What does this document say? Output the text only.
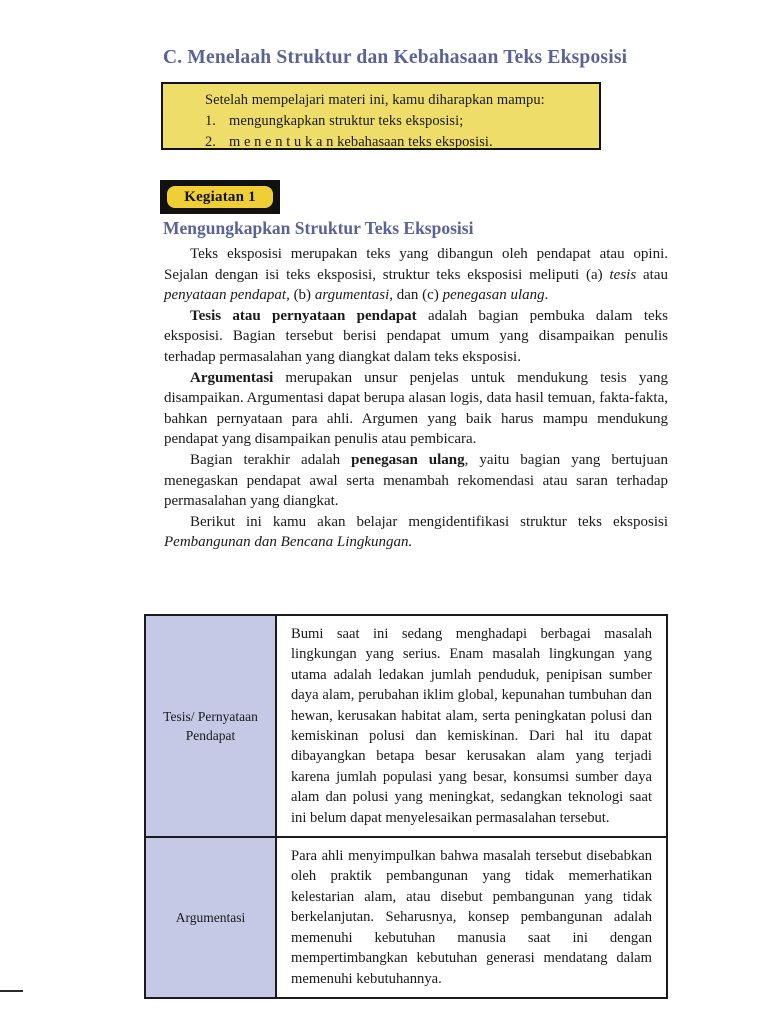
C. Menelaah Struktur dan Kebahasaan Teks Eksposisi
Setelah mempelajari materi ini, kamu diharapkan mampu:
1. mengungkapkan struktur teks eksposisi;
2. m e n e n t u k a n kebahasaan teks eksposisi.
Kegiatan 1
Mengungkapkan Struktur Teks Eksposisi

Teks eksposisi merupakan teks yang dibangun oleh pendapat atau opini. Sejalan dengan isi teks eksposisi, struktur teks eksposisi meliputi (a) tesis atau penyataan pendapat, (b) argumentasi, dan (c) penegasan ulang.

Tesis atau pernyataan pendapat adalah bagian pembuka dalam teks eksposisi. Bagian tersebut berisi pendapat umum yang disampaikan penulis terhadap permasalahan yang diangkat dalam teks eksposisi.

Argumentasi merupakan unsur penjelas untuk mendukung tesis yang disampaikan. Argumentasi dapat berupa alasan logis, data hasil temuan, fakta-fakta, bahkan pernyataan para ahli. Argumen yang baik harus mampu mendukung pendapat yang disampaikan penulis atau pembicara.

Bagian terakhir adalah penegasan ulang, yaitu bagian yang bertujuan menegaskan pendapat awal serta menambah rekomendasi atau saran terhadap permasalahan yang diangkat.

Berikut ini kamu akan belajar mengidentifikasi struktur teks eksposisi Pembangunan dan Bencana Lingkungan.

Tesis/ Pernyataan Pendapat	Bumi saat ini sedang menghadapi berbagai masalah lingkungan yang serius. Enam masalah lingkungan yang utama adalah ledakan jumlah penduduk, penipisan sumber daya alam, perubahan iklim global, kepunahan tumbuhan dan hewan, kerusakan habitat alam, serta peningkatan polusi dan kemiskinan polusi dan kemiskinan. Dari hal itu dapat dibayangkan betapa besar kerusakan alam yang terjadi karena jumlah populasi yang besar, konsumsi sumber daya alam dan polusi yang meningkat, sedangkan teknologi saat ini belum dapat menyelesaikan permasalahan tersebut.
Argumentasi	Para ahli menyimpulkan bahwa masalah tersebut disebabkan oleh praktik pembangunan yang tidak memerhatikan kelestarian alam, atau disebut pembangunan yang tidak berkelanjutan. Seharusnya, konsep pembangunan adalah memenuhi kebutuhan manusia saat ini dengan mempertimbangkan kebutuhan generasi mendatang dalam memenuhi kebutuhannya.
